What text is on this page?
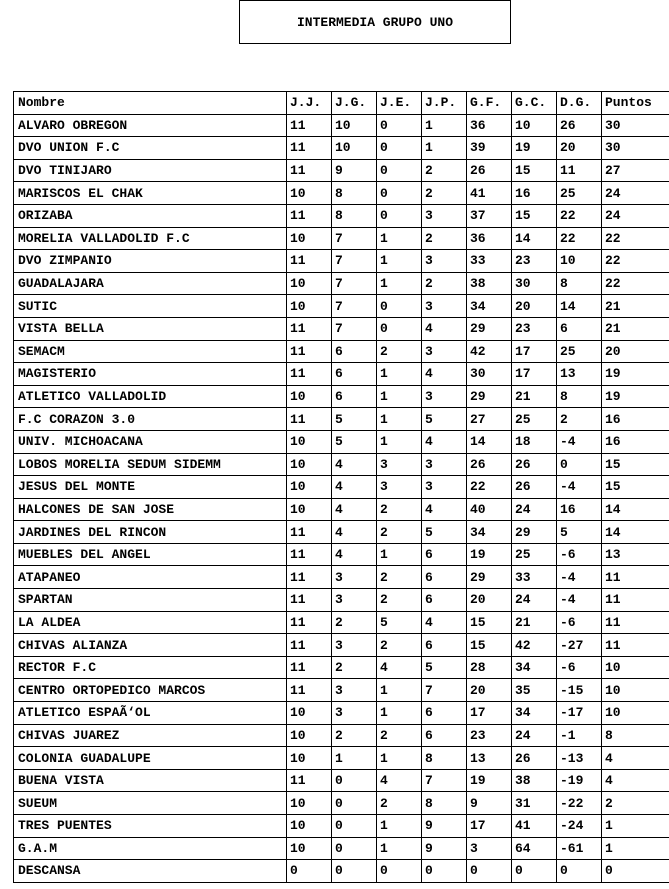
INTERMEDIA GRUPO UNO
Nombre	J.J.	J.G.	J.E.	J.P.	G.F.	G.C.	D.G.	Puntos
ALVARO OBREGON	11	10	0	1	36	10	26	30
DVO UNION F.C	11	10	0	1	39	19	20	30
DVO TINIJARO	11	9	0	2	26	15	11	27
MARISCOS EL CHAK	10	8	0	2	41	16	25	24
ORIZABA	11	8	0	3	37	15	22	24
MORELIA VALLADOLID F.C	10	7	1	2	36	14	22	22
DVO ZIMPANIO	11	7	1	3	33	23	10	22
GUADALAJARA	10	7	1	2	38	30	8	22
SUTIC	10	7	0	3	34	20	14	21
VISTA BELLA	11	7	0	4	29	23	6	21
SEMACM	11	6	2	3	42	17	25	20
MAGISTERIO	11	6	1	4	30	17	13	19
ATLETICO VALLADOLID	10	6	1	3	29	21	8	19
F.C CORAZON 3.0	11	5	1	5	27	25	2	16
UNIV. MICHOACANA	10	5	1	4	14	18	-4	16
LOBOS MORELIA SEDUM SIDEMM	10	4	3	3	26	26	0	15
JESUS DEL MONTE	10	4	3	3	22	26	-4	15
HALCONES DE SAN JOSE	10	4	2	4	40	24	16	14
JARDINES DEL RINCON	11	4	2	5	34	29	5	14
MUEBLES DEL ANGEL	11	4	1	6	19	25	-6	13
ATAPANEO	11	3	2	6	29	33	-4	11
SPARTAN	11	3	2	6	20	24	-4	11
LA ALDEA	11	2	5	4	15	21	-6	11
CHIVAS ALIANZA	11	3	2	6	15	42	-27	11
RECTOR F.C	11	2	4	5	28	34	-6	10
CENTRO ORTOPEDICO MARCOS	11	3	1	7	20	35	-15	10
ATLETICO ESPAÃ‘OL	10	3	1	6	17	34	-17	10
CHIVAS JUAREZ	10	2	2	6	23	24	-1	8
COLONIA GUADALUPE	10	1	1	8	13	26	-13	4
BUENA VISTA	11	0	4	7	19	38	-19	4
SUEUM	10	0	2	8	9	31	-22	2
TRES PUENTES	10	0	1	9	17	41	-24	1
G.A.M	10	0	1	9	3	64	-61	1
DESCANSA	0	0	0	0	0	0	0	0
